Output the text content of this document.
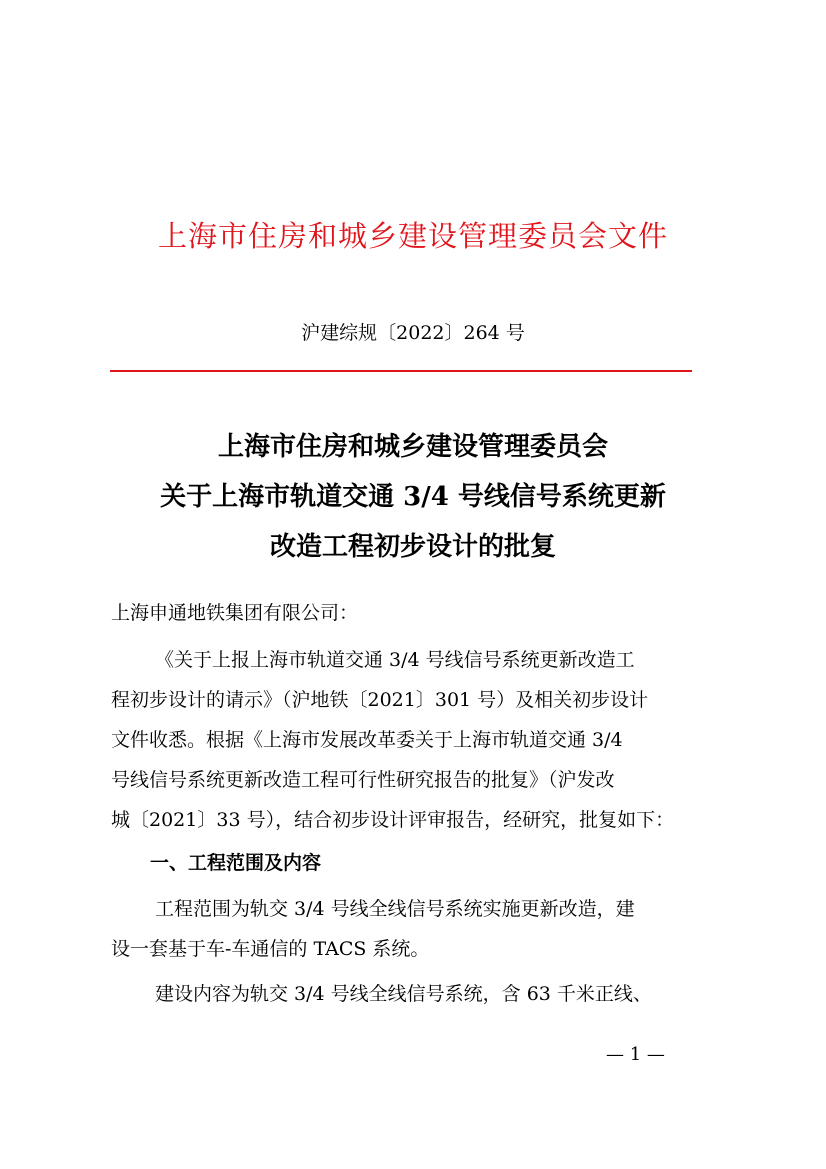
上海市住房和城乡建设管理委员会文件
沪建综规〔2022〕264 号
上海市住房和城乡建设管理委员会
关于上海市轨道交通 3/4 号线信号系统更新
改造工程初步设计的批复
上海申通地铁集团有限公司：
《关于上报上海市轨道交通 3/4 号线信号系统更新改造工
程初步设计的请示》（沪地铁〔2021〕301 号）及相关初步设计
文件收悉。根据《上海市发展改革委关于上海市轨道交通 3/4
号线信号系统更新改造工程可行性研究报告的批复》（沪发改
城〔2021〕33 号），结合初步设计评审报告，经研究，批复如下：
一、工程范围及内容
工程范围为轨交 3/4 号线全线信号系统实施更新改造，建
设一套基于车-车通信的 TACS 系统。
建设内容为轨交 3/4 号线全线信号系统，含 63 千米正线、
— 1 —
